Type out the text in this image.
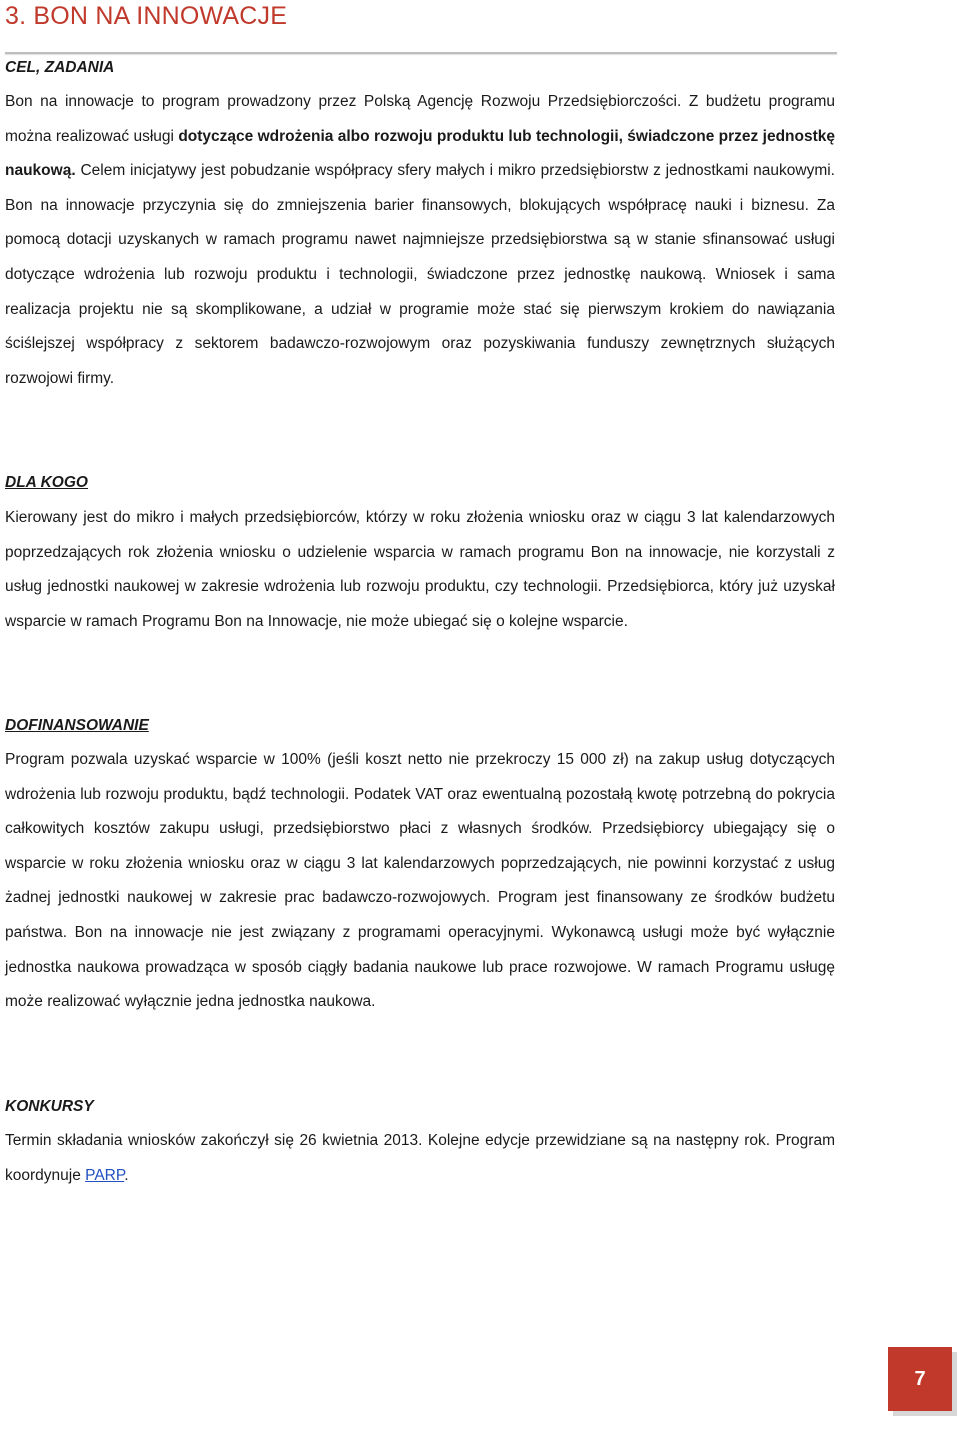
3. BON NA INNOWACJE
CEL, ZADANIA

Bon na innowacje to program prowadzony przez Polską Agencję Rozwoju Przedsiębiorczości. Z budżetu programu można realizować usługi dotyczące wdrożenia albo rozwoju produktu lub technologii, świadczone przez jednostkę naukową. Celem inicjatywy jest pobudzanie współpracy sfery małych i mikro przedsiębiorstw z jednostkami naukowymi. Bon na innowacje przyczynia się do zmniejszenia barier finansowych, blokujących współpracę nauki i biznesu. Za pomocą dotacji uzyskanych w ramach programu nawet najmniejsze przedsiębiorstwa są w stanie sfinansować usługi dotyczące wdrożenia lub rozwoju produktu i technologii, świadczone przez jednostkę naukową. Wniosek i sama realizacja projektu nie są skomplikowane, a udział w programie może stać się pierwszym krokiem do nawiązania ściślejszej współpracy z sektorem badawczo-rozwojowym oraz pozyskiwania funduszy zewnętrznych służących rozwojowi firmy.

DLA KOGO

Kierowany jest do mikro i małych przedsiębiorców, którzy w roku złożenia wniosku oraz w ciągu 3 lat kalendarzowych poprzedzających rok złożenia wniosku o udzielenie wsparcia w ramach programu Bon na innowacje, nie korzystali z usług jednostki naukowej w zakresie wdrożenia lub rozwoju produktu, czy technologii. Przedsiębiorca, który już uzyskał wsparcie w ramach Programu Bon na Innowacje, nie może ubiegać się o kolejne wsparcie.

DOFINANSOWANIE

Program pozwala uzyskać wsparcie w 100% (jeśli koszt netto nie przekroczy 15 000 zł) na zakup usług dotyczących wdrożenia lub rozwoju produktu, bądź technologii. Podatek VAT oraz ewentualną pozostałą kwotę potrzebną do pokrycia całkowitych kosztów zakupu usługi, przedsiębiorstwo płaci z własnych środków. Przedsiębiorcy ubiegający się o wsparcie w roku złożenia wniosku oraz w ciągu 3 lat kalendarzowych poprzedzających, nie powinni korzystać z usług żadnej jednostki naukowej w zakresie prac badawczo-rozwojowych. Program jest finansowany ze środków budżetu państwa. Bon na innowacje nie jest związany z programami operacyjnymi. Wykonawcą usługi może być wyłącznie jednostka naukowa prowadząca w sposób ciągły badania naukowe lub prace rozwojowe. W ramach Programu usługę może realizować wyłącznie jedna jednostka naukowa.

KONKURSY

Termin składania wniosków zakończył się 26 kwietnia 2013. Kolejne edycje przewidziane są na następny rok. Program koordynuje PARP.

7
